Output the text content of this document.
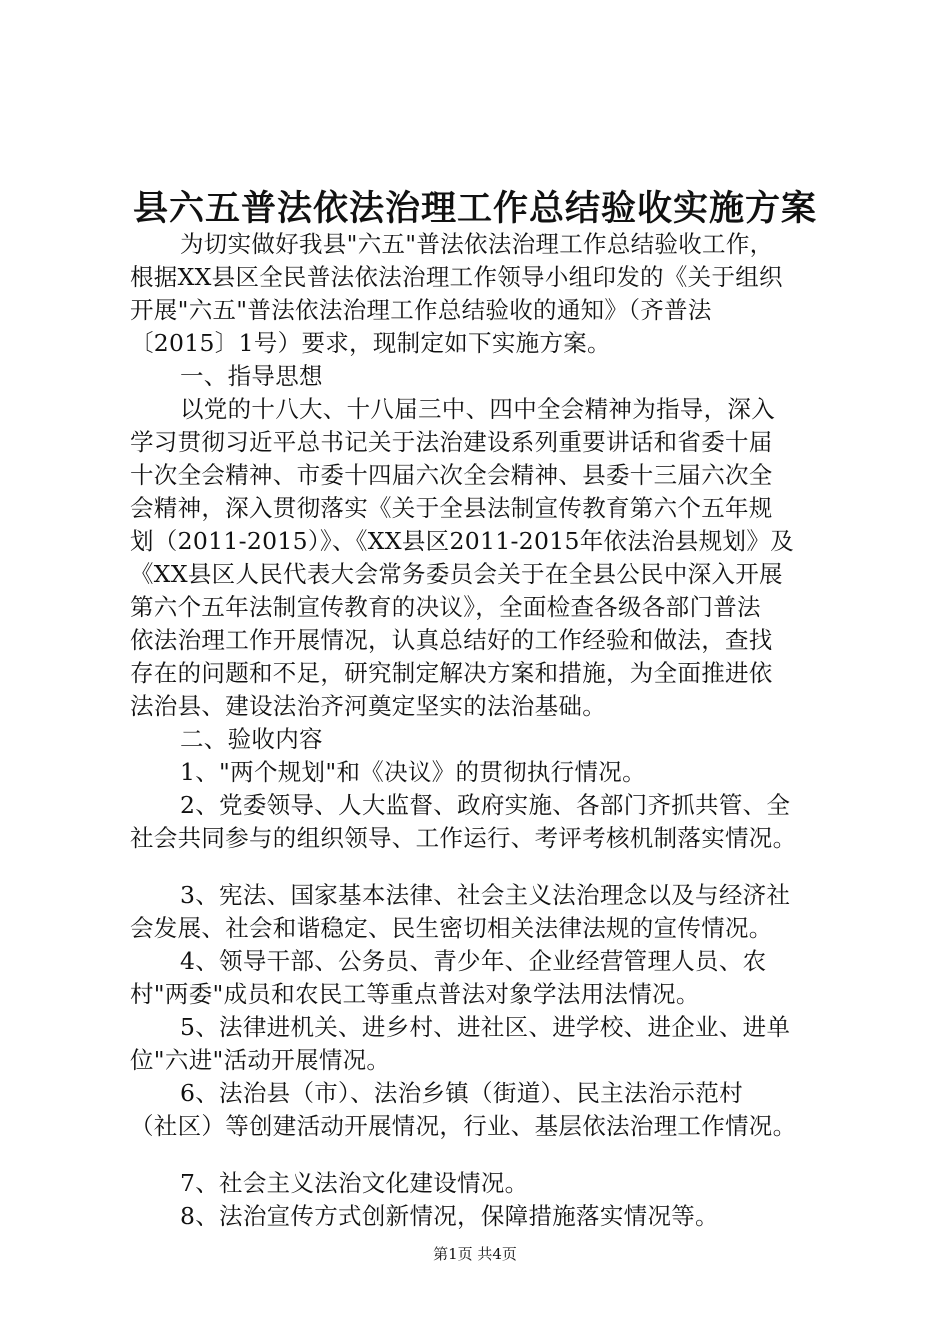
县六五普法依法治理工作总结验收实施方案
为切实做好我县"六五"普法依法治理工作总结验收工作，
根据XX县区全民普法依法治理工作领导小组印发的《关于组织
开展"六五"普法依法治理工作总结验收的通知》（齐普法
〔2015〕1号）要求，现制定如下实施方案。
一、指导思想
以党的十八大、十八届三中、四中全会精神为指导，深入
学习贯彻习近平总书记关于法治建设系列重要讲话和省委十届
十次全会精神、市委十四届六次全会精神、县委十三届六次全
会精神，深入贯彻落实《关于全县法制宣传教育第六个五年规
划（2011-2015）》、《XX县区2011-2015年依法治县规划》及
《XX县区人民代表大会常务委员会关于在全县公民中深入开展
第六个五年法制宣传教育的决议》，全面检查各级各部门普法
依法治理工作开展情况，认真总结好的工作经验和做法，查找
存在的问题和不足，研究制定解决方案和措施，为全面推进依
法治县、建设法治齐河奠定坚实的法治基础。
二、验收内容
1、"两个规划"和《决议》的贯彻执行情况。
2、党委领导、人大监督、政府实施、各部门齐抓共管、全
社会共同参与的组织领导、工作运行、考评考核机制落实情况。
3、宪法、国家基本法律、社会主义法治理念以及与经济社
会发展、社会和谐稳定、民生密切相关法律法规的宣传情况。
4、领导干部、公务员、青少年、企业经营管理人员、农
村"两委"成员和农民工等重点普法对象学法用法情况。
5、法律进机关、进乡村、进社区、进学校、进企业、进单
位"六进"活动开展情况。
6、法治县（市）、法治乡镇（街道）、民主法治示范村
（社区）等创建活动开展情况，行业、基层依法治理工作情况。
7、社会主义法治文化建设情况。
8、法治宣传方式创新情况，保障措施落实情况等。
第1页 共4页
